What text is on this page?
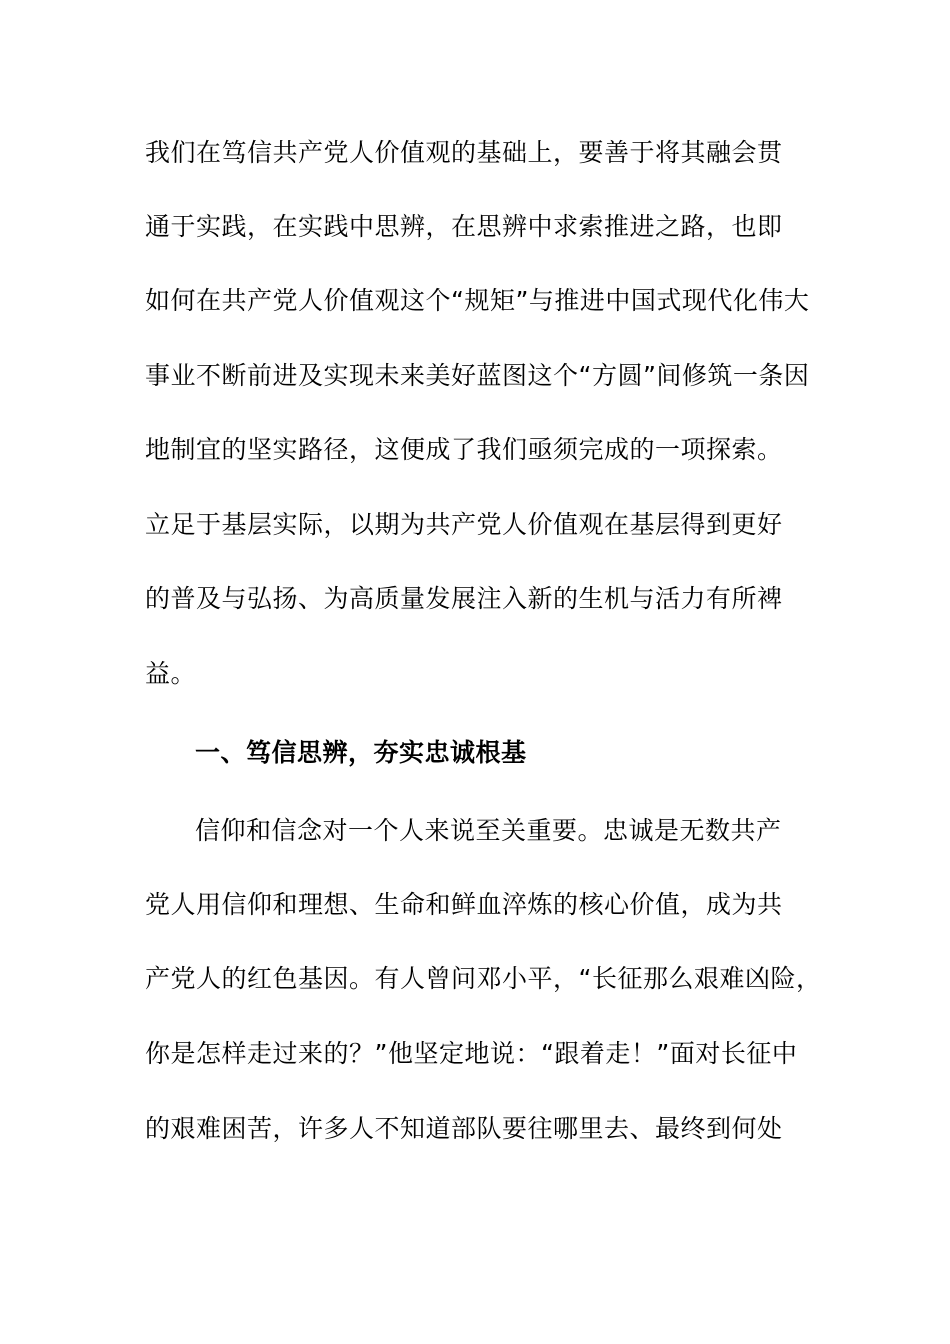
我们在笃信共产党人价值观的基础上，要善于将其融会贯
通于实践，在实践中思辨，在思辨中求索推进之路，也即
如何在共产党人价值观这个“规矩”与推进中国式现代化伟大
事业不断前进及实现未来美好蓝图这个“方圆”间修筑一条因
地制宜的坚实路径，这便成了我们亟须完成的一项探索。
立足于基层实际，以期为共产党人价值观在基层得到更好
的普及与弘扬、为高质量发展注入新的生机与活力有所裨
益。
一、笃信思辨，夯实忠诚根基
信仰和信念对一个人来说至关重要。忠诚是无数共产
党人用信仰和理想、生命和鲜血淬炼的核心价值，成为共
产党人的红色基因。有人曾问邓小平，“长征那么艰难凶险，
你是怎样走过来的？”他坚定地说：“跟着走！”面对长征中
的艰难困苦，许多人不知道部队要往哪里去、最终到何处
